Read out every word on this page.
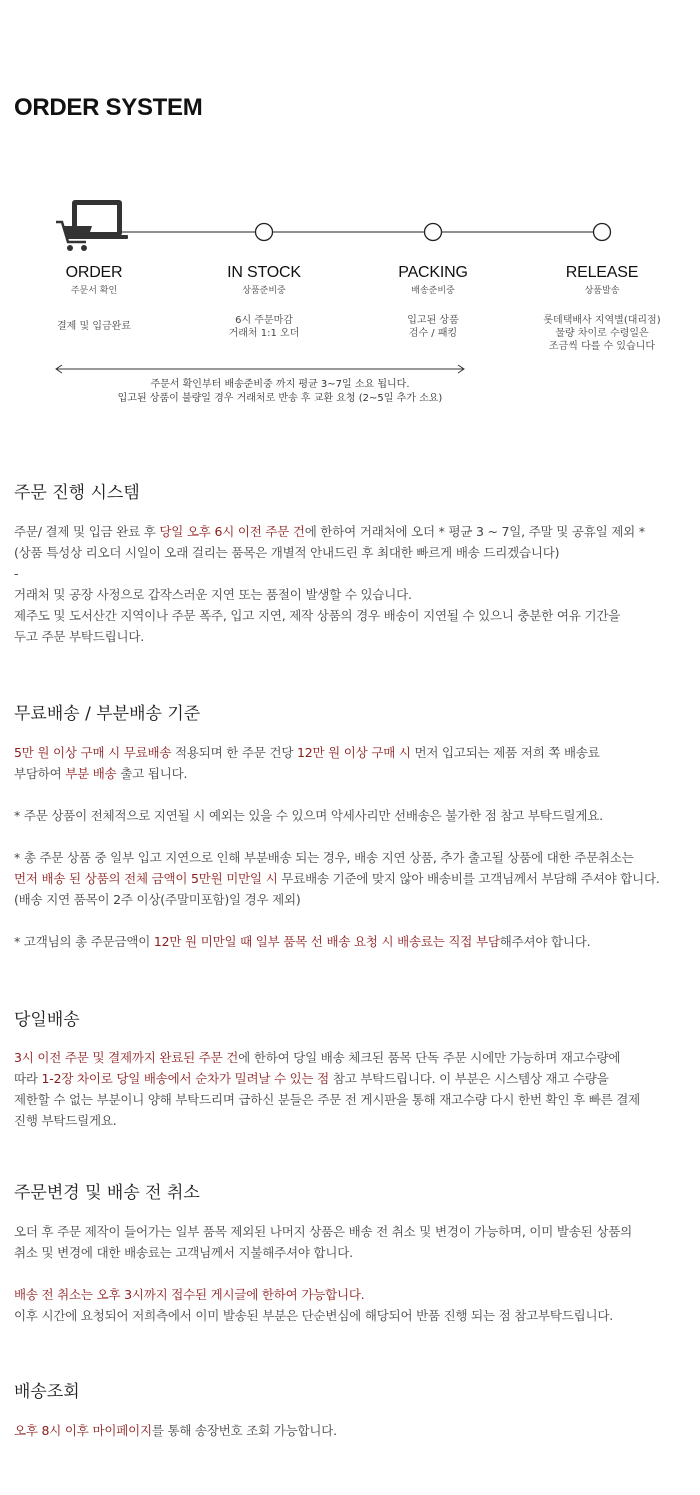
ORDER SYSTEM
ORDER
주문서 확인
IN STOCK
상품준비중
PACKING
배송준비중
RELEASE
상품발송
결제 및 입금완료
6시 주문마감
거래처 1:1 오더
입고된 상품
검수 / 패킹
롯데택배사 지역별(대리점)
물량 차이로 수령일은
조금씩 다를 수 있습니다
주문서 확인부터 배송준비중 까지 평균 3~7일 소요 됩니다.
입고된 상품이 불량일 경우 거래처로 반송 후 교환 요청 (2~5일 추가 소요)
주문 진행 시스템

주문/ 결제 및 입금 완료 후 당일 오후 6시 이전 주문 건에 한하여 거래처에 오더 * 평균 3 ~ 7일, 주말 및 공휴일 제외 *

(상품 특성상 리오더 시일이 오래 걸리는 품목은 개별적 안내드린 후 최대한 빠르게 배송 드리겠습니다)

-

거래처 및 공장 사정으로 갑작스러운 지연 또는 품절이 발생할 수 있습니다.

제주도 및 도서산간 지역이나 주문 폭주, 입고 지연, 제작 상품의 경우 배송이 지연될 수 있으니 충분한 여유 기간을

두고 주문 부탁드립니다.

무료배송 / 부분배송 기준

5만 원 이상 구매 시 무료배송 적용되며 한 주문 건당 12만 원 이상 구매 시 먼저 입고되는 제품 저희 쪽 배송료

부담하여 부분 배송 출고 됩니다.

* 주문 상품이 전체적으로 지연될 시 예외는 있을 수 있으며 악세사리만 선배송은 불가한 점 참고 부탁드릴게요.

* 총 주문 상품 중 일부 입고 지연으로 인해 부분배송 되는 경우, 배송 지연 상품, 추가 출고될 상품에 대한 주문취소는

먼저 배송 된 상품의 전체 금액이 5만원 미만일 시 무료배송 기준에 맞지 않아 배송비를 고객님께서 부담해 주셔야 합니다.

(배송 지연 품목이 2주 이상(주말미포함)일 경우 제외)

* 고객님의 총 주문금액이 12만 원 미만일 때 일부 품목 선 배송 요청 시 배송료는 직접 부담해주셔야 합니다.

당일배송

3시 이전 주문 및 결제까지 완료된 주문 건에 한하여 당일 배송 체크된 품목 단독 주문 시에만 가능하며 재고수량에

따라 1-2장 차이로 당일 배송에서 순차가 밀려날 수 있는 점 참고 부탁드립니다. 이 부분은 시스템상 재고 수량을

제한할 수 없는 부분이니 양해 부탁드리며 급하신 분들은 주문 전 게시판을 통해 재고수량 다시 한번 확인 후 빠른 결제

진행 부탁드릴게요.

주문변경 및 배송 전 취소

오더 후 주문 제작이 들어가는 일부 품목 제외된 나머지 상품은 배송 전 취소 및 변경이 가능하며, 이미 발송된 상품의

취소 및 변경에 대한 배송료는 고객님께서 지불해주셔야 합니다.

배송 전 취소는 오후 3시까지 접수된 게시글에 한하여 가능합니다.

이후 시간에 요청되어 저희측에서 이미 발송된 부분은 단순변심에 해당되어 반품 진행 되는 점 참고부탁드립니다.

배송조회

오후 8시 이후 마이페이지를 통해 송장번호 조회 가능합니다.
